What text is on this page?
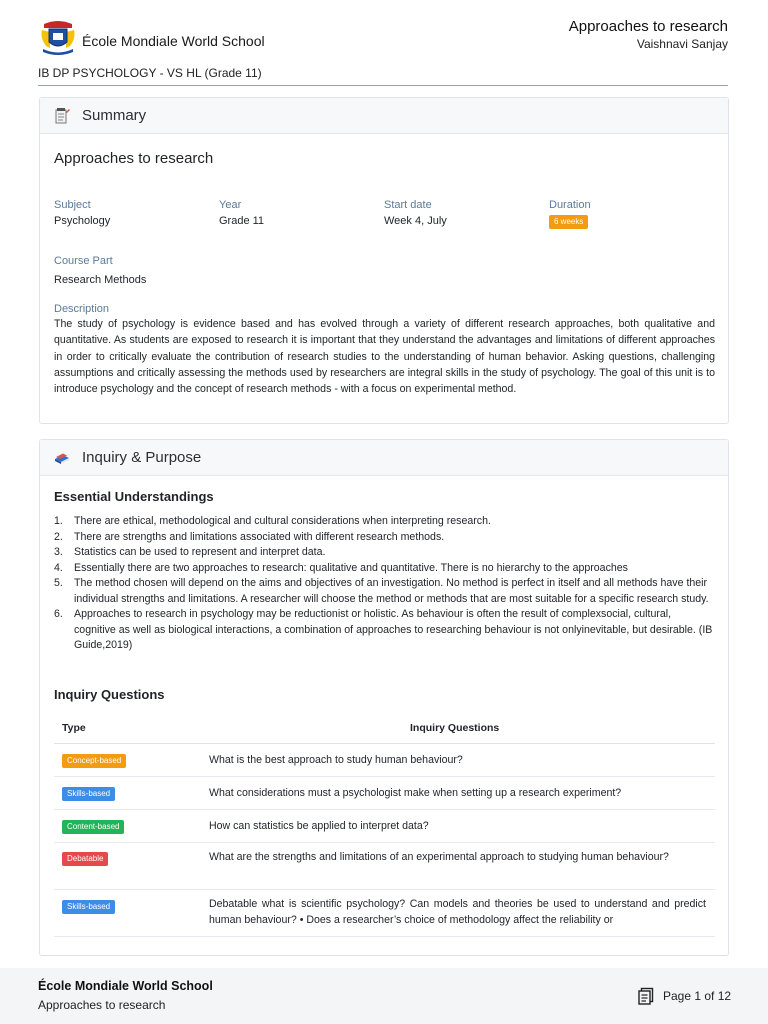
École Mondiale World School
Approaches to research
Vaishnavi Sanjay
IB DP PSYCHOLOGY - VS HL (Grade 11)
Summary
Approaches to research
Subject
Psychology
Year
Grade 11
Start date
Week 4, July
Duration
6 weeks
Course Part
Research Methods
Description

The study of psychology is evidence based and has evolved through a variety of different research approaches, both qualitative and quantitative. As students are exposed to research it is important that they understand the advantages and limitations of different approaches in order to critically evaluate the contribution of research studies to the understanding of human behavior. Asking questions, challenging assumptions and critically assessing the methods used by researchers are integral skills in the study of psychology. The goal of this unit is to introduce psychology and the concept of research methods - with a focus on experimental method.

Inquiry & Purpose
Essential Understandings
1. There are ethical, methodological and cultural considerations when interpreting research.
2. There are strengths and limitations associated with different research methods.
3. Statistics can be used to represent and interpret data.
4. Essentially there are two approaches to research: qualitative and quantitative. There is no hierarchy to the approaches
5. The method chosen will depend on the aims and objectives of an investigation. No method is perfect in itself and all methods have their individual strengths and limitations. A researcher will choose the method or methods that are most suitable for a specific research study.
6. Approaches to research in psychology may be reductionist or holistic. As behaviour is often the result of complexsocial, cultural, cognitive as well as biological interactions, a combination of approaches to researching behaviour is not onlyinevitable, but desirable. (IB Guide,2019)
Inquiry Questions
Type	Inquiry Questions
Concept-based	What is the best approach to study human behaviour?
Skills-based	What considerations must a psychologist make when setting up a research experiment?
Content-based	How can statistics be applied to interpret data?
Debatable	What are the strengths and limitations of an experimental approach to studying human behaviour?
Skills-based	Debatable what is scientific psychology? Can models and theories be used to understand and predict human behaviour? • Does a researcher’s choice of methodology affect the reliability or
École Mondiale World School
Approaches to research
Page 1 of 12
